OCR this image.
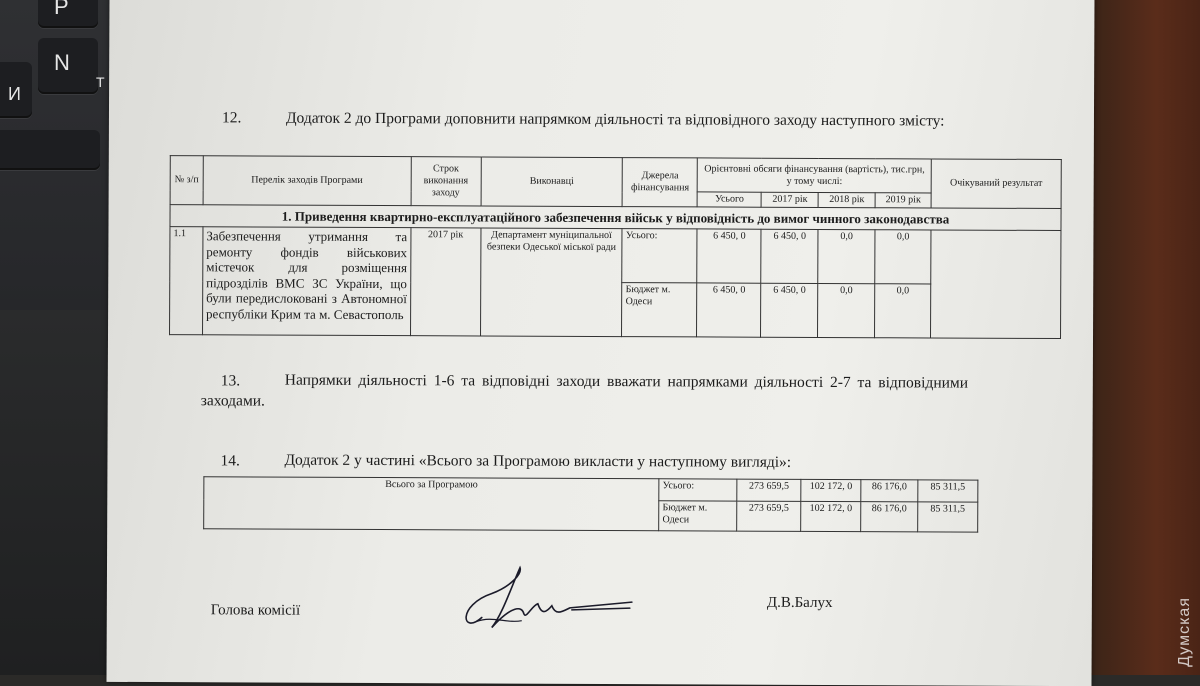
P
N
Т
И
12.	Додаток 2 до Програми доповнити напрямком діяльності та відповідного заходу наступного змісту:
№ з/п	Перелік заходів Програми	Строк виконання заходу	Виконавці	Джерела фінансування	Орієнтовні обсяги фінансування (вартість), тис.грн, у тому числі:				Очікуваний результат
					Усього	2017 рік	2018 рік	2019 рік	
1. Приведення квартирно-експлуатаційного забезпечення військ у відповідність до вимог чинного законодавства									
1.1	Забезпечення утримання та ремонту фондів військових містечок для розміщення підрозділів ВМС ЗС України, що були передислоковані з Автономної республіки Крим та м. Севастополь	2017 рік	Департамент муніципальної безпеки Одеської міської ради	Усього:	6 450, 0	6 450, 0	0,0	0,0	
				Бюджет м. Одеси	6 450, 0	6 450, 0	0,0	0,0	
13.	Напрямки діяльності 1-6 та відповідні заходи вважати напрямками діяльності 2-7 та відповідними
заходами.
14.	Додаток 2 у частині «Всього за Програмою викласти у наступному вигляді»:
Всього за Програмою	Усього:	273 659,5	102 172, 0	86 176,0	85 311,5
	Бюджет м. Одеси	273 659,5	102 172, 0	86 176,0	85 311,5
Голова комісії	Д.В.Балух	Думская
